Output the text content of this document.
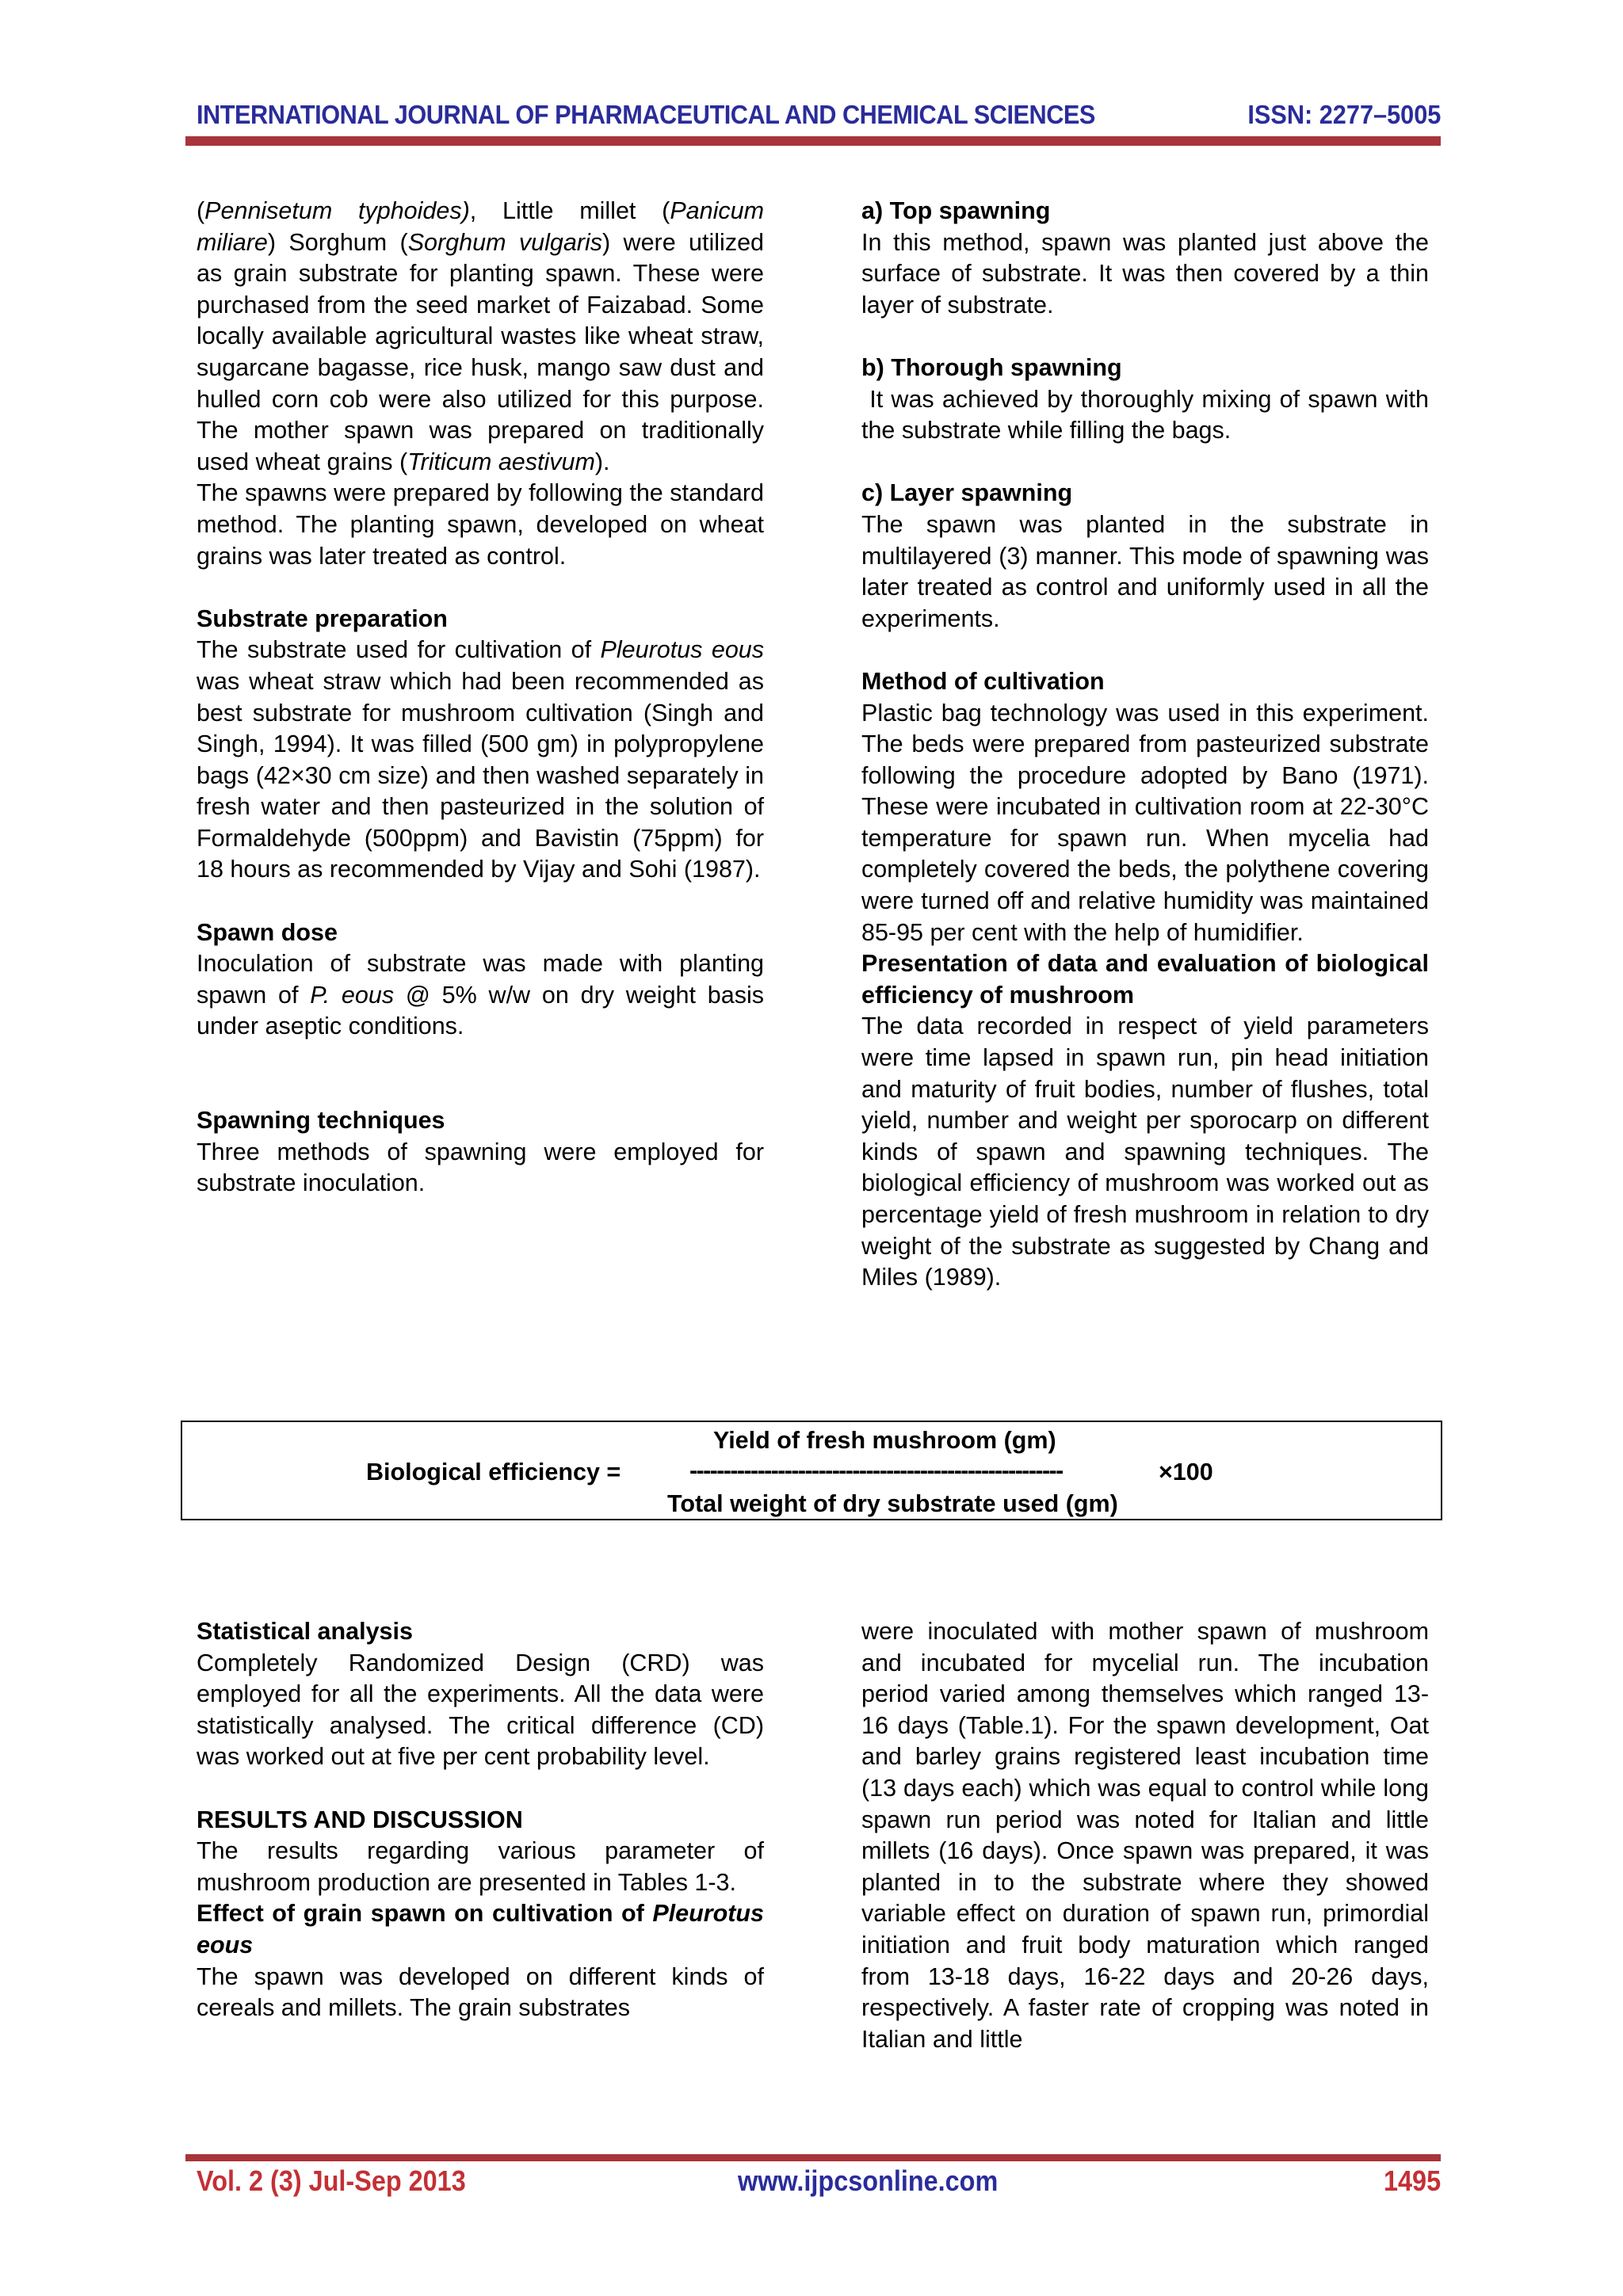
INTERNATIONAL JOURNAL OF PHARMACEUTICAL AND CHEMICAL SCIENCES	ISSN: 2277–5005

(Pennisetum typhoides), Little millet (Panicum miliare) Sorghum (Sorghum vulgaris) were utilized as grain substrate for planting spawn. These were purchased from the seed market of Faizabad. Some locally available agricultural wastes like wheat straw, sugarcane bagasse, rice husk, mango saw dust and hulled corn cob were also utilized for this purpose. The mother spawn was prepared on traditionally used wheat grains (Triticum aestivum).

The spawns were prepared by following the standard method. The planting spawn, developed on wheat grains was later treated as control.

Substrate preparation

The substrate used for cultivation of Pleurotus eous was wheat straw which had been recommended as best substrate for mushroom cultivation (Singh and Singh, 1994). It was filled (500 gm) in polypropylene bags (42×30 cm size) and then washed separately in fresh water and then pasteurized in the solution of Formaldehyde (500ppm) and Bavistin (75ppm) for 18 hours as recommended by Vijay and Sohi (1987).

Spawn dose

Inoculation of substrate was made with planting spawn of P. eous @ 5% w/w on dry weight basis under aseptic conditions.

Spawning techniques

Three methods of spawning were employed for substrate inoculation.

a) Top spawning

In this method, spawn was planted just above the surface of substrate. It was then covered by a thin layer of substrate.

b) Thorough spawning

It was achieved by thoroughly mixing of spawn with the substrate while filling the bags.

c) Layer spawning

The spawn was planted in the substrate in multilayered (3) manner. This mode of spawning was later treated as control and uniformly used in all the experiments.

Method of cultivation

Plastic bag technology was used in this experiment. The beds were prepared from pasteurized substrate following the procedure adopted by Bano (1971). These were incubated in cultivation room at 22-30°C temperature for spawn run. When mycelia had completely covered the beds, the polythene covering were turned off and relative humidity was maintained 85-95 per cent with the help of humidifier.

Presentation of data and evaluation of biological efficiency of mushroom

The data recorded in respect of yield parameters were time lapsed in spawn run, pin head initiation and maturity of fruit bodies, number of flushes, total yield, number and weight per sporocarp on different kinds of spawn and spawning techniques. The biological efficiency of mushroom was worked out as percentage yield of fresh mushroom in relation to dry weight of the substrate as suggested by Chang and Miles (1989).

Yield of fresh mushroom (gm)
Biological efficiency =	-------------------------------------------------------	×100
Total weight of dry substrate used (gm)
Statistical analysis

Completely Randomized Design (CRD) was employed for all the experiments. All the data were statistically analysed. The critical difference (CD) was worked out at five per cent probability level.

RESULTS AND DISCUSSION

The results regarding various parameter of mushroom production are presented in Tables 1-3.

Effect of grain spawn on cultivation of Pleurotus eous

The spawn was developed on different kinds of cereals and millets. The grain substrates

were inoculated with mother spawn of mushroom and incubated for mycelial run. The incubation period varied among themselves which ranged 13-16 days (Table.1). For the spawn development, Oat and barley grains registered least incubation time (13 days each) which was equal to control while long spawn run period was noted for Italian and little millets (16 days). Once spawn was prepared, it was planted in to the substrate where they showed variable effect on duration of spawn run, primordial initiation and fruit body maturation which ranged from 13-18 days, 16-22 days and 20-26 days, respectively. A faster rate of cropping was noted in Italian and little

Vol. 2 (3) Jul-Sep 2013	www.ijpcsonline.com	1495
